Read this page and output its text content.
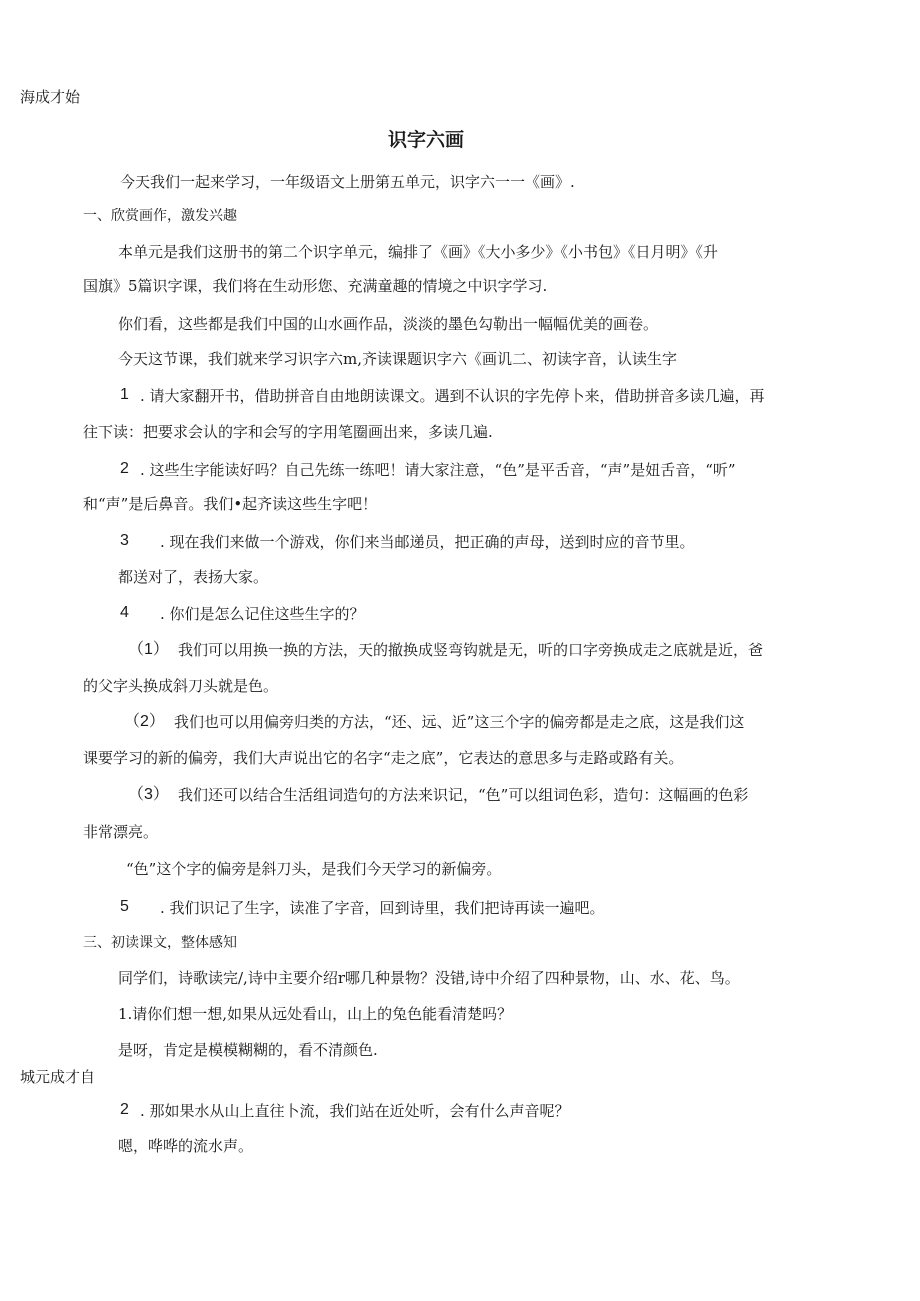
海成才始
识字六画
今天我们一起来学习，一年级语文上册第五单元，识字六一一《画》.
一、欣赏画作，激发兴趣
本单元是我们这册书的第二个识字单元，编排了《画》《大小多少》《小书包》《日月明》《升
国旗》5篇识字课，我们将在生动形您、充满童趣的情境之中识字学习.
你们看，这些都是我们中国的山水画作品，淡淡的墨色勾勒出一幅幅优美的画卷。
今天这节课，我们就来学习识字六m,齐读课题识字六《画讥二、初读字音，认读生字
1 . 请大家翻开书，借助拼音自由地朗读课文。遇到不认识的字先停卜来，借助拼音多读几遍，再
往下读：把要求会认的字和会写的字用笔圈画出来，多读几遍.
2 . 这些生字能读好吗？自己先练一练吧！请大家注意，“色”是平舌音，“声”是妞舌音，“听”
和“声”是后鼻音。我们•起齐读这些生字吧！
3 . 现在我们来做一个游戏，你们来当邮递员，把正确的声母，送到时应的音节里。
都送对了，表扬大家。
4 . 你们是怎么记住这些生字的？
（1） 我们可以用换一换的方法，天的撤换成竖弯钩就是无，听的口字旁换成走之底就是近，爸
的父字头换成斜刀头就是色。
（2） 我们也可以用偏旁归类的方法，“还、远、近”这三个字的偏旁都是走之底，这是我们这
课要学习的新的偏旁，我们大声说出它的名字“走之底”，它表达的意思多与走路或路有关。
（3） 我们还可以结合生活组词造句的方法来识记，“色”可以组词色彩，造句：这幅画的色彩
非常漂亮。
“色”这个字的偏旁是斜刀头，是我们今天学习的新偏旁。
5 . 我们识记了生字，读准了字音，回到诗里，我们把诗再读一遍吧。
三、初读课文，整体感知
同学们，诗歌读完/,诗中主要介绍r哪几种景物？没错,诗中介绍了四种景物，山、水、花、鸟。
1.请你们想一想,如果从远处看山，山上的兔色能看清楚吗？
是呀，肯定是模模糊糊的，看不清颜色.
城元成才自
2 . 那如果水从山上直往卜流，我们站在近处听，会有什么声音呢？
嗯，哗哗的流水声。
